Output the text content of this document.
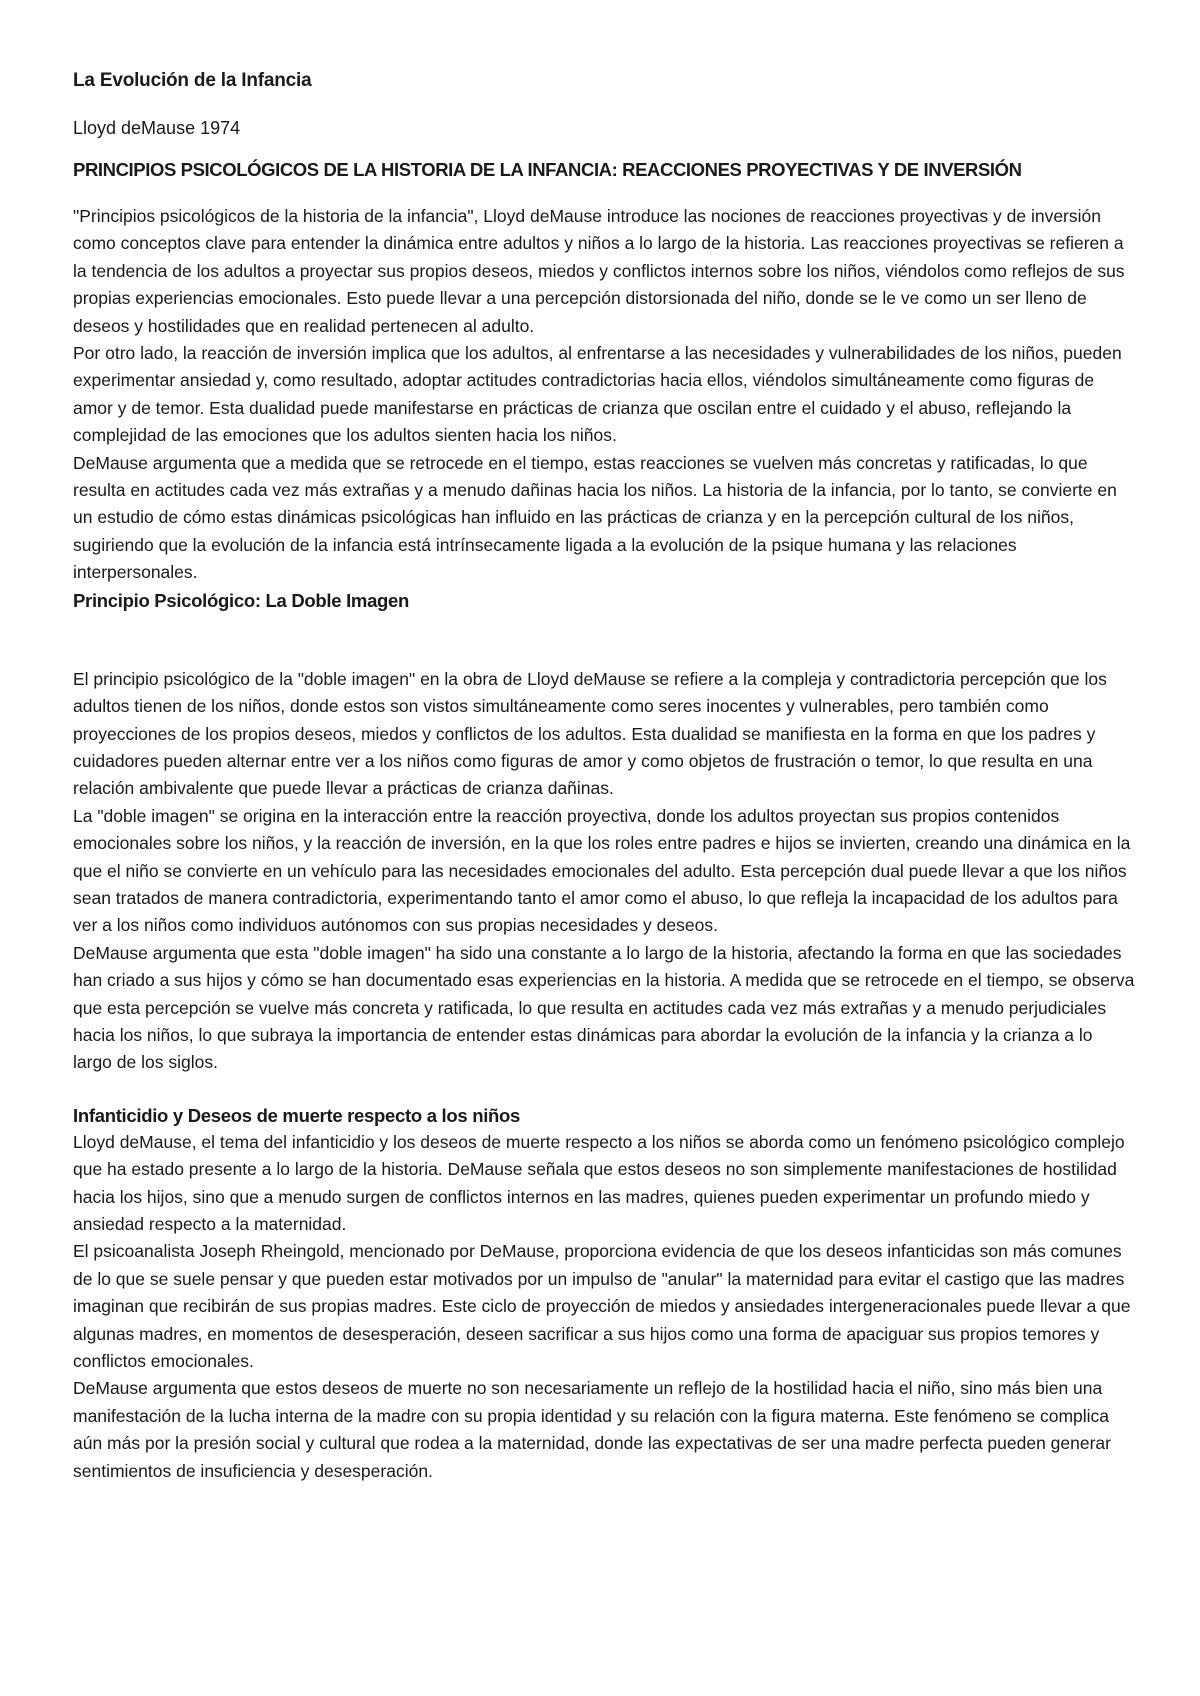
La Evolución de la Infancia

Lloyd deMause 1974

PRINCIPIOS PSICOLÓGICOS DE LA HISTORIA DE LA INFANCIA: REACCIONES PROYECTIVAS Y DE INVERSIÓN

"Principios psicológicos de la historia de la infancia", Lloyd deMause introduce las nociones de reacciones proyectivas y de inversión como conceptos clave para entender la dinámica entre adultos y niños a lo largo de la historia. Las reacciones proyectivas se refieren a la tendencia de los adultos a proyectar sus propios deseos, miedos y conflictos internos sobre los niños, viéndolos como reflejos de sus propias experiencias emocionales. Esto puede llevar a una percepción distorsionada del niño, donde se le ve como un ser lleno de deseos y hostilidades que en realidad pertenecen al adulto.

Por otro lado, la reacción de inversión implica que los adultos, al enfrentarse a las necesidades y vulnerabilidades de los niños, pueden experimentar ansiedad y, como resultado, adoptar actitudes contradictorias hacia ellos, viéndolos simultáneamente como figuras de amor y de temor. Esta dualidad puede manifestarse en prácticas de crianza que oscilan entre el cuidado y el abuso, reflejando la complejidad de las emociones que los adultos sienten hacia los niños.

DeMause argumenta que a medida que se retrocede en el tiempo, estas reacciones se vuelven más concretas y ratificadas, lo que resulta en actitudes cada vez más extrañas y a menudo dañinas hacia los niños. La historia de la infancia, por lo tanto, se convierte en un estudio de cómo estas dinámicas psicológicas han influido en las prácticas de crianza y en la percepción cultural de los niños, sugiriendo que la evolución de la infancia está intrínsecamente ligada a la evolución de la psique humana y las relaciones interpersonales.

Principio Psicológico: La Doble Imagen

El principio psicológico de la "doble imagen" en la obra de Lloyd deMause se refiere a la compleja y contradictoria percepción que los adultos tienen de los niños, donde estos son vistos simultáneamente como seres inocentes y vulnerables, pero también como proyecciones de los propios deseos, miedos y conflictos de los adultos. Esta dualidad se manifiesta en la forma en que los padres y cuidadores pueden alternar entre ver a los niños como figuras de amor y como objetos de frustración o temor, lo que resulta en una relación ambivalente que puede llevar a prácticas de crianza dañinas.

La "doble imagen" se origina en la interacción entre la reacción proyectiva, donde los adultos proyectan sus propios contenidos emocionales sobre los niños, y la reacción de inversión, en la que los roles entre padres e hijos se invierten, creando una dinámica en la que el niño se convierte en un vehículo para las necesidades emocionales del adulto. Esta percepción dual puede llevar a que los niños sean tratados de manera contradictoria, experimentando tanto el amor como el abuso, lo que refleja la incapacidad de los adultos para ver a los niños como individuos autónomos con sus propias necesidades y deseos.

DeMause argumenta que esta "doble imagen" ha sido una constante a lo largo de la historia, afectando la forma en que las sociedades han criado a sus hijos y cómo se han documentado esas experiencias en la historia. A medida que se retrocede en el tiempo, se observa que esta percepción se vuelve más concreta y ratificada, lo que resulta en actitudes cada vez más extrañas y a menudo perjudiciales hacia los niños, lo que subraya la importancia de entender estas dinámicas para abordar la evolución de la infancia y la crianza a lo largo de los siglos.

Infanticidio y Deseos de muerte respecto a los niños

Lloyd deMause, el tema del infanticidio y los deseos de muerte respecto a los niños se aborda como un fenómeno psicológico complejo que ha estado presente a lo largo de la historia. DeMause señala que estos deseos no son simplemente manifestaciones de hostilidad hacia los hijos, sino que a menudo surgen de conflictos internos en las madres, quienes pueden experimentar un profundo miedo y ansiedad respecto a la maternidad.

El psicoanalista Joseph Rheingold, mencionado por DeMause, proporciona evidencia de que los deseos infanticidas son más comunes de lo que se suele pensar y que pueden estar motivados por un impulso de "anular" la maternidad para evitar el castigo que las madres imaginan que recibirán de sus propias madres. Este ciclo de proyección de miedos y ansiedades intergeneracionales puede llevar a que algunas madres, en momentos de desesperación, deseen sacrificar a sus hijos como una forma de apaciguar sus propios temores y conflictos emocionales.

DeMause argumenta que estos deseos de muerte no son necesariamente un reflejo de la hostilidad hacia el niño, sino más bien una manifestación de la lucha interna de la madre con su propia identidad y su relación con la figura materna. Este fenómeno se complica aún más por la presión social y cultural que rodea a la maternidad, donde las expectativas de ser una madre perfecta pueden generar sentimientos de insuficiencia y desesperación.
